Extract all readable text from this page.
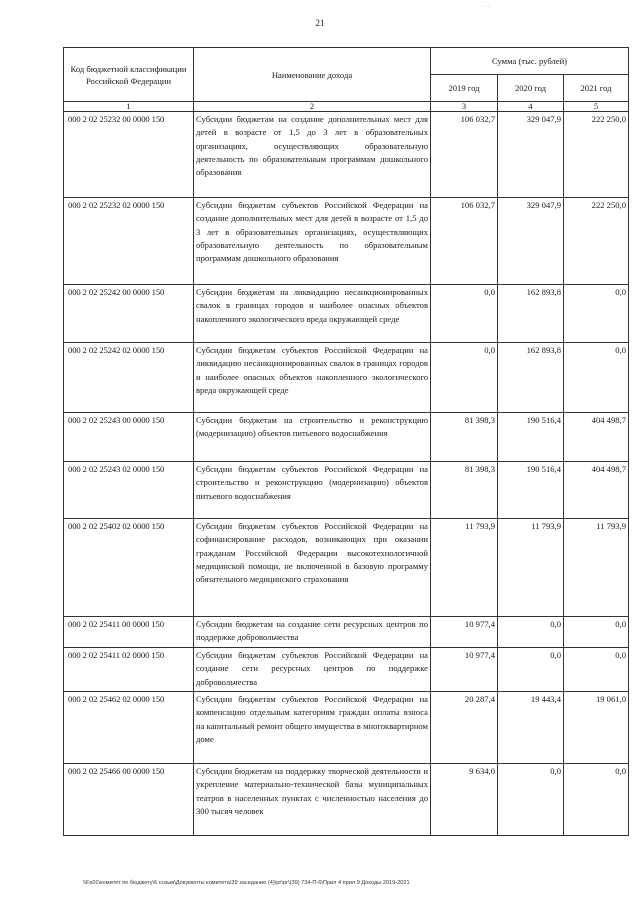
· · ·
21
Код бюджетной классификации Российской Федерации	Наименование дохода	Сумма (тыс. рублей)		
		2019 год	2020 год	2021 год
1	2	3	4	5
000 2 02 25232 00 0000 150	Субсидии бюджетам на создание дополнительных мест для детей в возрасте от 1,5 до 3 лет в образовательных организациях, осуществляющих образовательную деятельность по образовательным программам дошкольного образования	106 032,7	329 047,9	222 250,0
000 2 02 25232 02 0000 150	Субсидии бюджетам субъектов Российской Федерации на создание дополнительных мест для детей в возрасте от 1,5 до 3 лет в образовательных организациях, осуществляющих образовательную деятельность по образовательным программам дошкольного образования	106 032,7	329 047,9	222 250,0
000 2 02 25242 00 0000 150	Субсидии бюджетам на ликвидацию несанкционированных свалок в границах городов и наиболее опасных объектов накопленного экологического вреда окружающей среде	0,0	162 893,8	0,0
000 2 02 25242 02 0000 150	Субсидии бюджетам субъектов Российской Федерации на ликвидацию несанкционированных свалок в границах городов и наиболее опасных объектов накопленного экологического вреда окружающей среде	0,0	162 893,8	0,0
000 2 02 25243 00 0000 150	Субсидии бюджетам на строительство и реконструкцию (модернизацию) объектов питьевого водоснабжения	81 398,3	190 516,4	404 498,7
000 2 02 25243 02 0000 150	Субсидии бюджетам субъектов Российской Федерации на строительство и реконструкцию (модернизацию) объектов питьевого водоснабжения	81 398,3	190 516,4	404 498,7
000 2 02 25402 02 0000 150	Субсидии бюджетам субъектов Российской Федерации на софинансирование расходов, возникающих при оказании гражданам Российской Федерации высокотехнологичной медицинской помощи, не включенной в базовую программу обязательного медицинского страхования	11 793,9	11 793,9	11 793,9
000 2 02 25411 00 0000 150	Субсидии бюджетам на создание сети ресурсных центров по поддержке добровольчества	10 977,4	0,0	0,0
000 2 02 25411 02 0000 150	Субсидии бюджетам субъектов Российской Федерации на создание сети ресурсных центров по поддержке добровольчества	10 977,4	0,0	0,0
000 2 02 25462 02 0000 150	Субсидии бюджетам субъектов Российской Федерации на компенсацию отдельным категориям граждан оплаты взноса на капитальный ремонт общего имущества в многоквартирном доме	20 287,4	19 443,4	19 061,0
000 2 02 25466 00 0000 150	Субсидии бюджетам на поддержку творческой деятельности и укрепление материально-технической базы муниципальных театров в населенных пунктах с численностью населения до 300 тысяч человек	9 634,0	0,0	0,0
\\Fs01\комитет по бюджету\6 созыв\Документы комитета\39 заседание (4)\рг\рг\(39) 734-П-6\Прил 4 прил 9 Доходы 2019-2021
